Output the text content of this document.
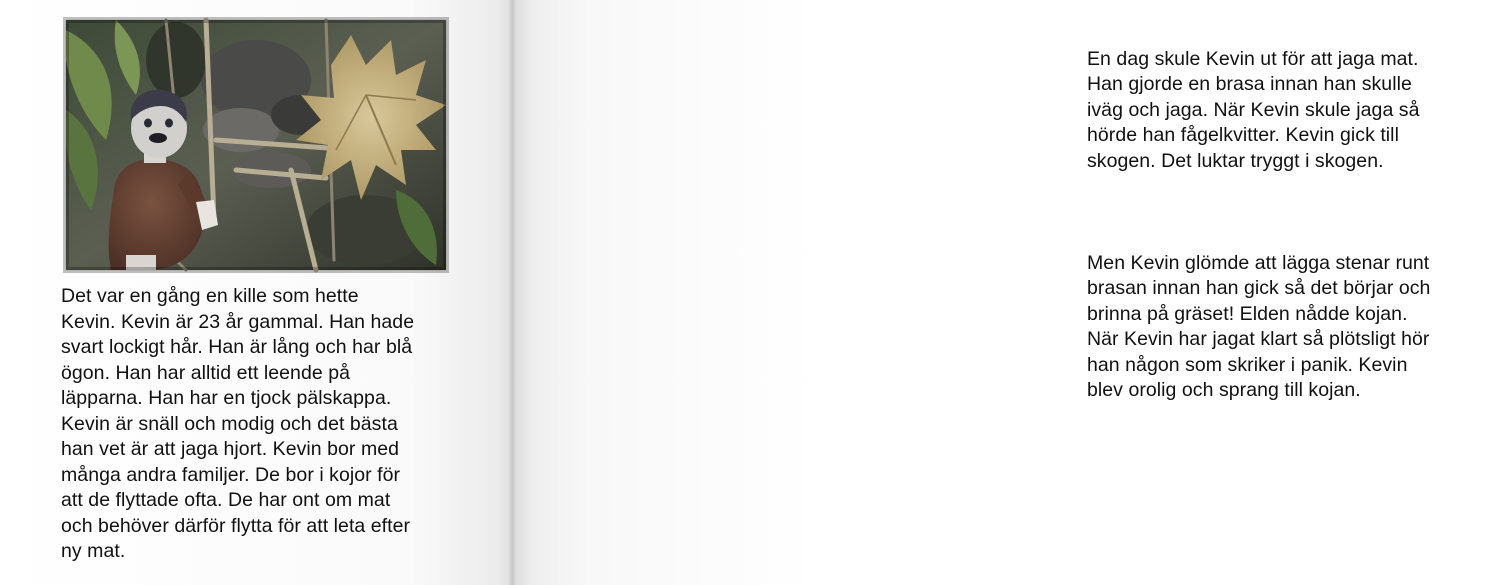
Det var en gång en kille som hette
Kevin. Kevin är 23 år gammal. Han hade
svart lockigt hår. Han är lång och har blå
ögon. Han har alltid ett leende på
läpparna. Han har en tjock pälskappa.
Kevin är snäll och modig och det bästa
han vet är att jaga hjort. Kevin bor med
många andra familjer. De bor i kojor för
att de flyttade ofta. De har ont om mat
och behöver därför flytta för att leta efter
ny mat.

En dag skule Kevin ut för att jaga mat.
Han gjorde en brasa innan han skulle
iväg och jaga. När Kevin skule jaga så
hörde han fågelkvitter. Kevin gick till
skogen. Det luktar tryggt i skogen.

Men Kevin glömde att lägga stenar runt
brasan innan han gick så det börjar och
brinna på gräset! Elden nådde kojan.
När Kevin har jagat klart så plötsligt hör
han någon som skriker i panik. Kevin
blev orolig och sprang till kojan.
